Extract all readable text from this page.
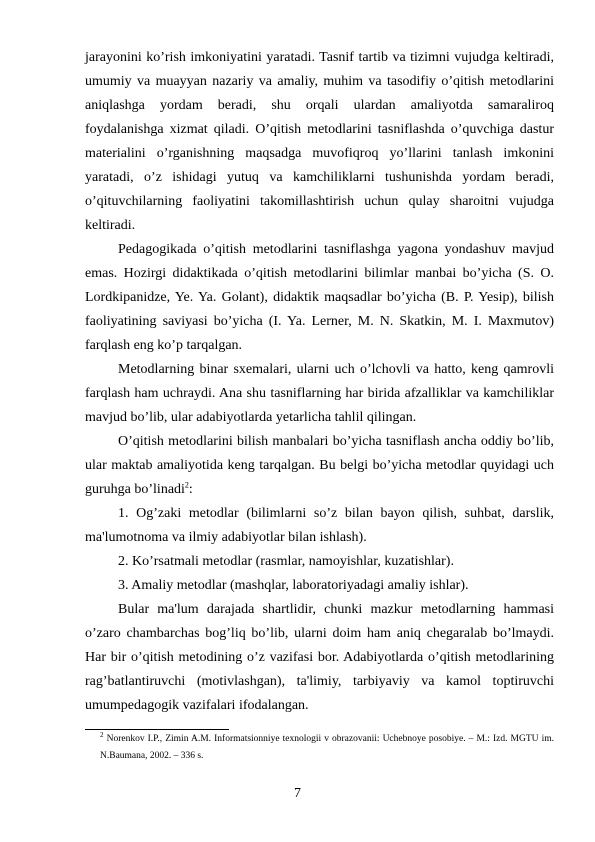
jarayonini ko’rish imkoniyatini yaratadi. Tasnif tartib va tizimni vujudga keltiradi, umumiy va muayyan nazariy va amaliy, muhim va tasodifiy o’qitish metodlarini aniqlashga yordam beradi, shu orqali ulardan amaliyotda samaraliroq foydalanishga xizmat qiladi. O’qitish metodlarini tasniflashda o’quvchiga dastur materialini o’rganishning maqsadga muvofiqroq yo’llarini tanlash imkonini yaratadi, o’z ishidagi yutuq va kamchiliklarni tushunishda yordam beradi, o’qituvchilarning faoliyatini takomillashtirish uchun qulay sharoitni vujudga keltiradi.

Pedagogikada o’qitish metodlarini tasniflashga yagona yondashuv mavjud emas. Hozirgi didaktikada o’qitish metodlarini bilimlar manbai bo’yicha (S. O. Lordkipanidze, Ye. Ya. Golant), didaktik maqsadlar bo’yicha (B. P. Yesip), bilish faoliyatining saviyasi bo’yicha (I. Ya. Lerner, M. N. Skatkin, M. I. Maxmutov) farqlash eng ko’p tarqalgan.

Metodlarning binar sxemalari, ularni uch o’lchovli va hatto, keng qamrovli farqlash ham uchraydi. Ana shu tasniflarning har birida afzalliklar va kamchiliklar mavjud bo’lib, ular adabiyotlarda yetarlicha tahlil qilingan.

O’qitish metodlarini bilish manbalari bo’yicha tasniflash ancha oddiy bo’lib, ular maktab amaliyotida keng tarqalgan. Bu belgi bo’yicha metodlar quyidagi uch guruhga bo’linadi$^2$:

1. Og’zaki metodlar (bilimlarni so’z bilan bayon qilish, suhbat, darslik, ma'lumotnoma va ilmiy adabiyotlar bilan ishlash).

2. Ko’rsatmali metodlar (rasmlar, namoyishlar, kuzatishlar).

3. Amaliy metodlar (mashqlar, laboratoriyadagi amaliy ishlar).

Bular ma'lum darajada shartlidir, chunki mazkur metodlarning hammasi o’zaro chambarchas bog’liq bo’lib, ularni doim ham aniq chegaralab bo’lmaydi. Har bir o’qitish metodining o’z vazifasi bor. Adabiyotlarda o’qitish metodlarining rag’batlantiruvchi (motivlashgan), ta'limiy, tarbiyaviy va kamol toptiruvchi umumpedagogik vazifalari ifodalangan.

$^2$ Norenkov I.P., Zimin A.M. Informatsionniye texnologii v obrazovanii: Uchebnoye posobiye. – M.: Izd. MGTU im. N.Baumana, 2002. – 336 s.
7
